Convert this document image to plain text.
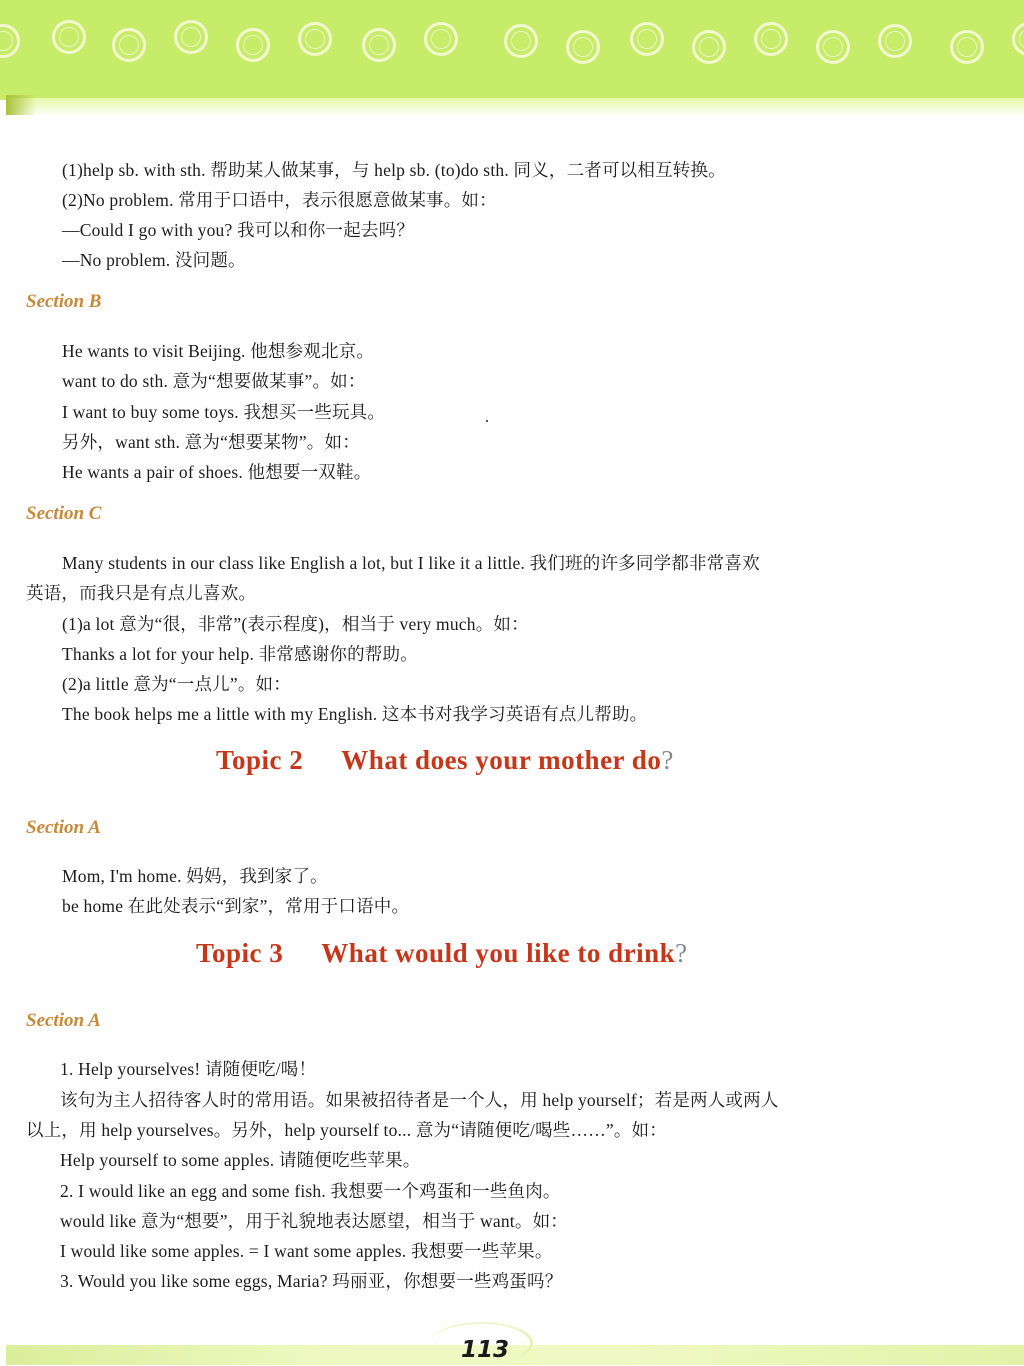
(1)help sb. with sth. 帮助某人做某事，与 help sb. (to)do sth. 同义，二者可以相互转换。
(2)No problem. 常用于口语中，表示很愿意做某事。如：
—Could I go with you? 我可以和你一起去吗？
—No problem. 没问题。
Section B
He wants to visit Beijing. 他想参观北京。
want to do sth. 意为“想要做某事”。如：
I want to buy some toys. 我想买一些玩具。
另外，want sth. 意为“想要某物”。如：
He wants a pair of shoes. 他想要一双鞋。
Section C
Many students in our class like English a lot, but I like it a little. 我们班的许多同学都非常喜欢
英语，而我只是有点儿喜欢。
(1)a lot 意为“很，非常”(表示程度)，相当于 very much。如：
Thanks a lot for your help. 非常感谢你的帮助。
(2)a little 意为“一点儿”。如：
The book helps me a little with my English. 这本书对我学习英语有点儿帮助。
Topic 2 What does your mother do?
Section A
Mom, I'm home. 妈妈，我到家了。
be home 在此处表示“到家”，常用于口语中。
Topic 3 What would you like to drink?
Section A
1. Help yourselves! 请随便吃/喝！
该句为主人招待客人时的常用语。如果被招待者是一个人，用 help yourself；若是两人或两人
以上，用 help yourselves。另外，help yourself to... 意为“请随便吃/喝些……”。如：
Help yourself to some apples. 请随便吃些苹果。
2. I would like an egg and some fish. 我想要一个鸡蛋和一些鱼肉。
would like 意为“想要”，用于礼貌地表达愿望，相当于 want。如：
I would like some apples. = I want some apples. 我想要一些苹果。
3. Would you like some eggs, Maria? 玛丽亚，你想要一些鸡蛋吗？
113
